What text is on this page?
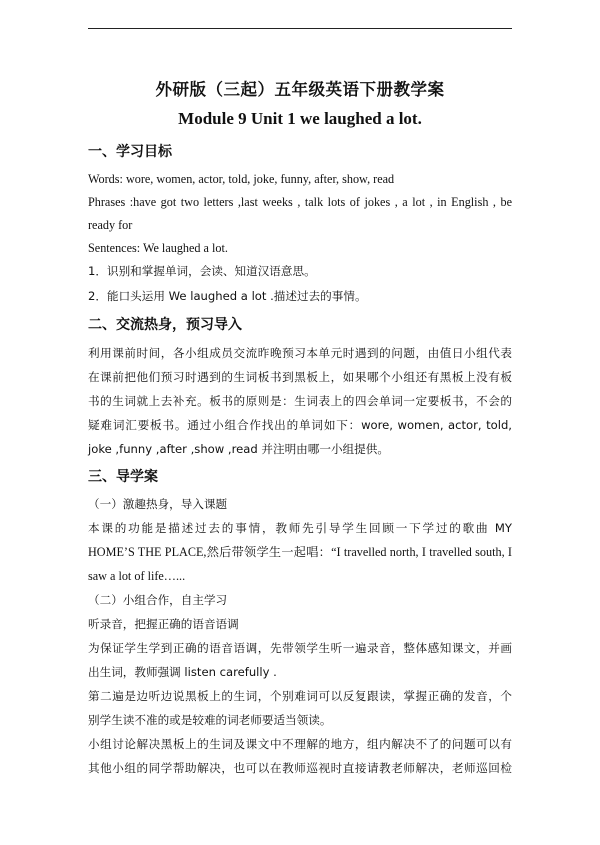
外研版（三起）五年级英语下册教学案
Module 9 Unit 1 we laughed a lot.
一、学习目标
Words: wore, women, actor, told, joke, funny, after, show, read
Phrases :have got two letters ,last weeks , talk lots of jokes , a lot , in English , be
ready for
Sentences: We laughed a lot.
1．识别和掌握单词，会读、知道汉语意思。
2．能口头运用 We laughed a lot .描述过去的事情。
二、交流热身，预习导入
利用课前时间，各小组成员交流昨晚预习本单元时遇到的问题，由值日小组代表
在课前把他们预习时遇到的生词板书到黑板上，如果哪个小组还有黑板上没有板
书的生词就上去补充。板书的原则是：生词表上的四会单词一定要板书，不会的
疑难词汇要板书。通过小组合作找出的单词如下：wore, women, actor, told,
joke ,funny ,after ,show ,read 并注明由哪一小组提供。
三、导学案
（一）激趣热身，导入课题
本课的功能是描述过去的事情，教师先引导学生回顾一下学过的歌曲 MY
HOME’S THE PLACE,然后带领学生一起唱：“I travelled north, I travelled south, I
saw a lot of life…...
（二）小组合作，自主学习
听录音，把握正确的语音语调
为保证学生学到正确的语音语调，先带领学生听一遍录音，整体感知课文，并画
出生词，教师强调 listen carefully .
第二遍是边听边说黑板上的生词，个别难词可以反复跟读，掌握正确的发音，个
别学生读不准的或是较难的词老师要适当领读。
小组讨论解决黑板上的生词及课文中不理解的地方，组内解决不了的问题可以有
其他小组的同学帮助解决，也可以在教师巡视时直接请教老师解决，老师巡回检
